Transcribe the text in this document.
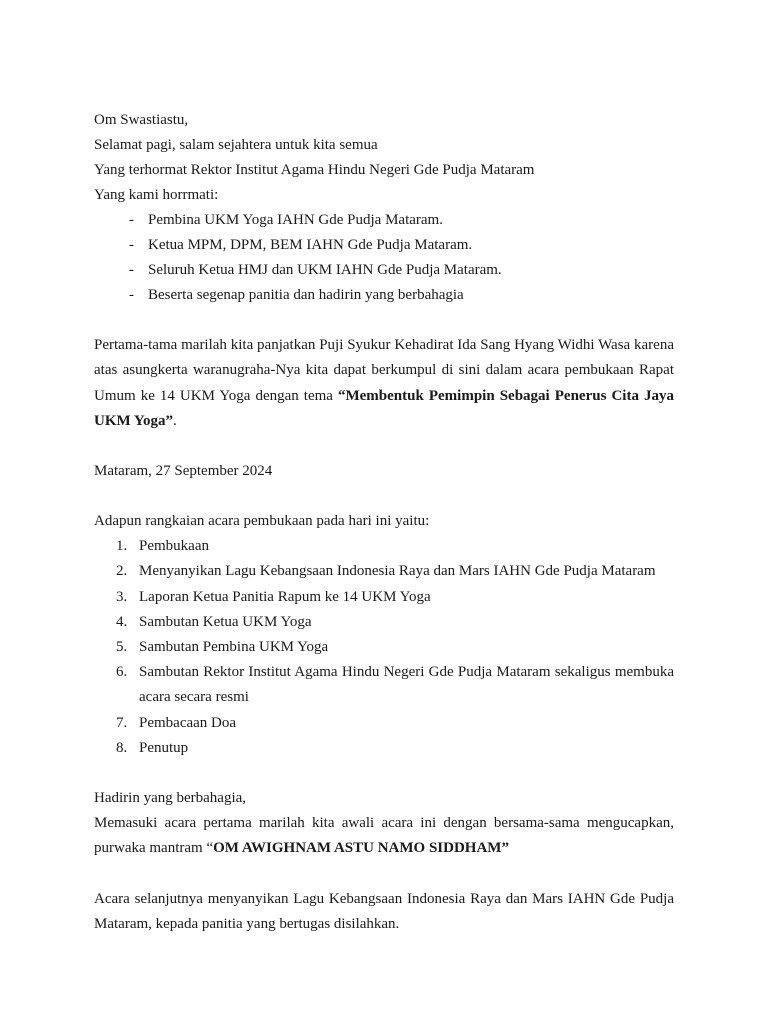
Om Swastiastu,

Selamat pagi, salam sejahtera untuk kita semua

Yang terhormat Rektor Institut Agama Hindu Negeri Gde Pudja Mataram

Yang kami horrmati:

- Pembina UKM Yoga IAHN Gde Pudja Mataram.
- Ketua MPM, DPM, BEM IAHN Gde Pudja Mataram.
- Seluruh Ketua HMJ dan UKM IAHN Gde Pudja Mataram.
- Beserta segenap panitia dan hadirin yang berbahagia

Pertama-tama marilah kita panjatkan Puji Syukur Kehadirat Ida Sang Hyang Widhi Wasa karena atas asungkerta waranugraha-Nya kita dapat berkumpul di sini dalam acara pembukaan Rapat Umum ke 14 UKM Yoga dengan tema “Membentuk Pemimpin Sebagai Penerus Cita Jaya UKM Yoga”.

Mataram, 27 September 2024

Adapun rangkaian acara pembukaan pada hari ini yaitu:

1. Pembukaan
2. Menyanyikan Lagu Kebangsaan Indonesia Raya dan Mars IAHN Gde Pudja Mataram
3. Laporan Ketua Panitia Rapum ke 14 UKM Yoga
4. Sambutan Ketua UKM Yoga
5. Sambutan Pembina UKM Yoga
6. Sambutan Rektor Institut Agama Hindu Negeri Gde Pudja Mataram sekaligus membuka acara secara resmi
7. Pembacaan Doa
8. Penutup

Hadirin yang berbahagia,

Memasuki acara pertama marilah kita awali acara ini dengan bersama-sama mengucapkan, purwaka mantram “OM AWIGHNAM ASTU NAMO SIDDHAM”

Acara selanjutnya menyanyikan Lagu Kebangsaan Indonesia Raya dan Mars IAHN Gde Pudja Mataram, kepada panitia yang bertugas disilahkan.
